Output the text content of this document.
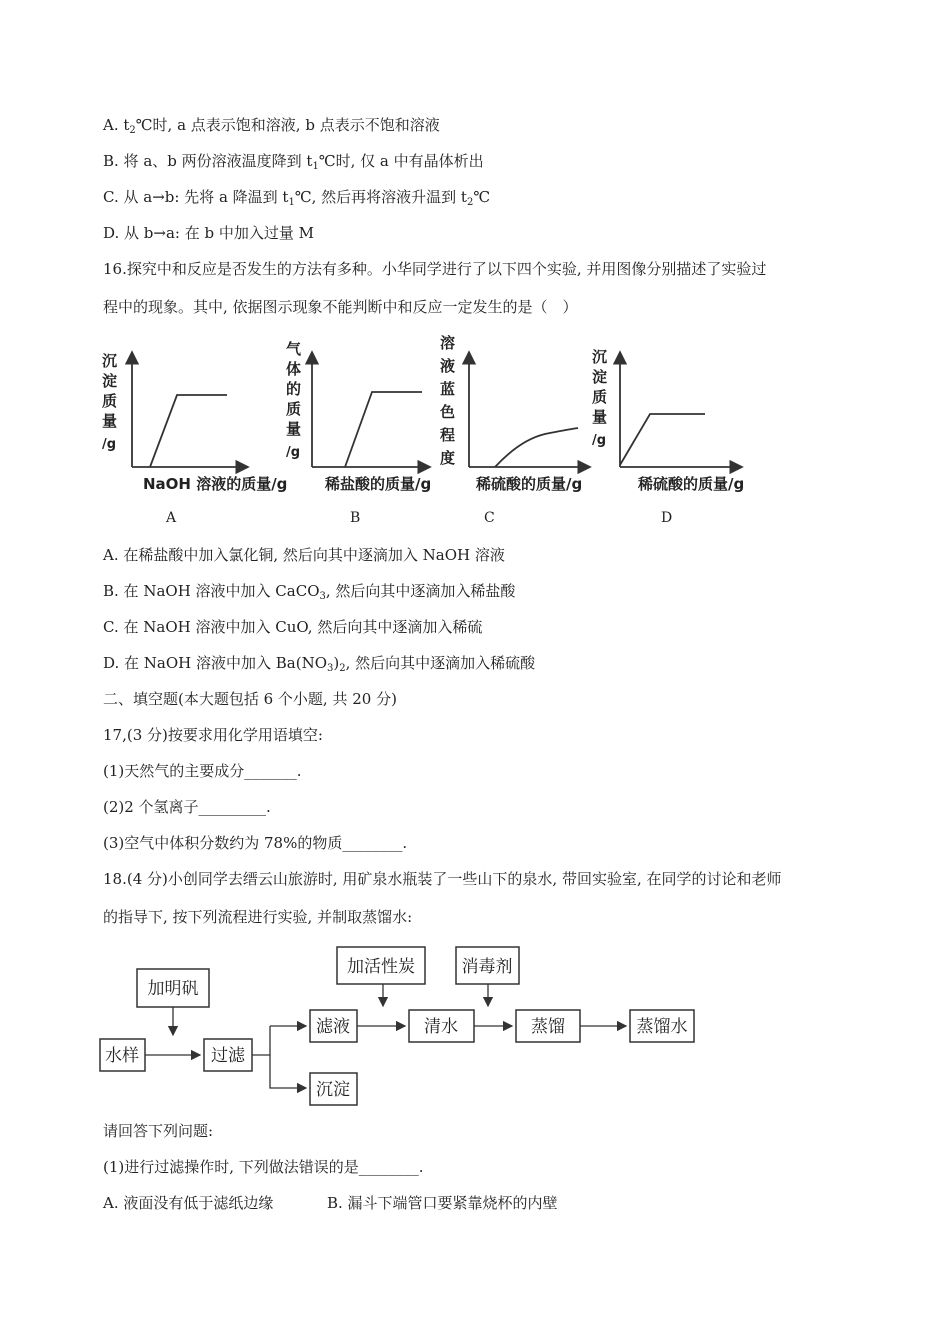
A. $t_2℃$时, a 点表示饱和溶液, b 点表示不饱和溶液
B. 将 a、b 两份溶液温度降到 $t_1℃$时, 仅 a 中有晶体析出
C. 从 a→b: 先将 a 降温到 $t_1℃$, 然后再将溶液升温到 $t_2℃$
D. 从 b→a: 在 b 中加入过量 M
16.探究中和反应是否发生的方法有多种。小华同学进行了以下四个实验, 并用图像分别描述了实验过
程中的现象。其中, 依据图示现象不能判断中和反应一定发生的是（　）
沉
淀
质
量
/g
NaOH 溶液的质量/g
气
体
的
质
量
/g
稀盐酸的质量/g
溶
液
蓝
色
程
度
稀硫酸的质量/g
沉
淀
质
量
/g
稀硫酸的质量/g
A	B	C	D
A. 在稀盐酸中加入氯化铜, 然后向其中逐滴加入 NaOH 溶液
B. 在 NaOH 溶液中加入 CaCO$_3$, 然后向其中逐滴加入稀盐酸
C. 在 NaOH 溶液中加入 CuO, 然后向其中逐滴加入稀硫
D. 在 NaOH 溶液中加入 $Ba(NO_3)_2$, 然后向其中逐滴加入稀硫酸
二、填空题(本大题包括 6 个小题, 共 20 分)
17,(3 分)按要求用化学用语填空:
(1)天然气的主要成分_______.
(2)2 个氢离子_________.
(3)空气中体积分数约为 78%的物质________.
18.(4 分)小创同学去缙云山旅游时, 用矿泉水瓶装了一些山下的泉水, 带回实验室, 在同学的讨论和老师
的指导下, 按下列流程进行实验, 并制取蒸馏水:
加明矾
水样	过滤
滤液
沉淀
加活性炭
清水
消毒剂
蒸馏	蒸馏水
请回答下列问题:
(1)进行过滤操作时, 下列做法错误的是________.
A. 液面没有低于滤纸边缘	B. 漏斗下端管口要紧靠烧杯的内壁
